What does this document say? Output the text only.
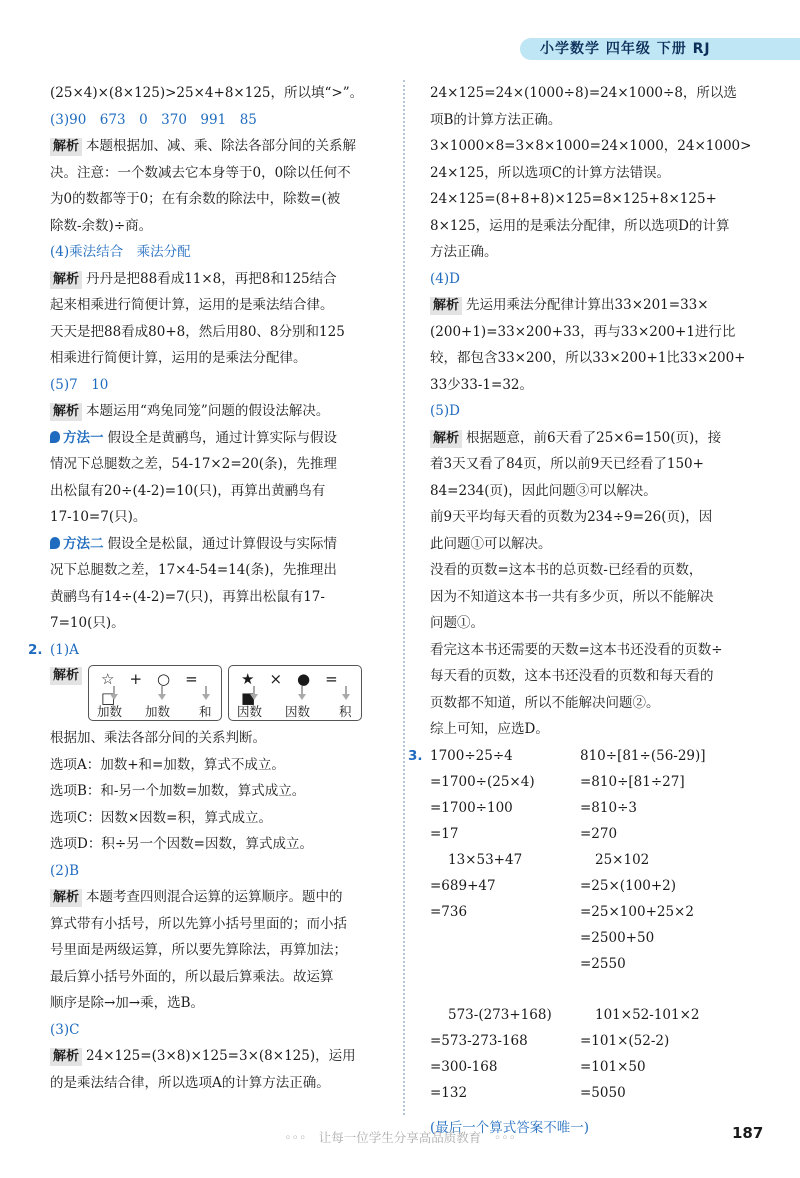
小学数学 四年级 下册 RJ
(25×4)×(8×125)>25×4+8×125，所以填“>”。
(3)90　673　0　370　991　85
解析 本题根据加、减、乘、除法各部分间的关系解
决。注意：一个数减去它本身等于0，0除以任何不
为0的数都等于0；在有余数的除法中，除数=(被
除数-余数)÷商。
(4)乘法结合　乘法分配
解析 丹丹是把88看成11×8，再把8和125结合
起来相乘进行简便计算，运用的是乘法结合律。
天天是把88看成80+8，然后用80、8分别和125
相乘进行简便计算，运用的是乘法分配律。
(5)7　10
解析 本题运用“鸡兔同笼”问题的假设法解决。
方法一 假设全是黄鹂鸟，通过计算实际与假设
情况下总腿数之差，54-17×2=20(条)，先推理
出松鼠有20÷(4-2)=10(只)，再算出黄鹂鸟有
17-10=7(只)。
方法二 假设全是松鼠，通过计算假设与实际情
况下总腿数之差，17×4-54=14(条)，先推理出
黄鹂鸟有14÷(4-2)=7(只)，再算出松鼠有17-
7=10(只)。
2. (1)A
解析 ☆　+　○　=　□
加数 加数 和
★　×　●　=　■
因数 因数 积
根据加、乘法各部分间的关系判断。
选项A：加数+和=加数，算式不成立。
选项B：和-另一个加数=加数，算式成立。
选项C：因数×因数=积，算式成立。
选项D：积÷另一个因数=因数，算式成立。
(2)B
解析 本题考查四则混合运算的运算顺序。题中的
算式带有小括号，所以先算小括号里面的；而小括
号里面是两级运算，所以要先算除法，再算加法；
最后算小括号外面的，所以最后算乘法。故运算
顺序是除→加→乘，选B。
(3)C
解析 24×125=(3×8)×125=3×(8×125)，运用
的是乘法结合律，所以选项A的计算方法正确。
24×125=24×(1000÷8)=24×1000÷8，所以选
项B的计算方法正确。
3×1000×8=3×8×1000=24×1000，24×1000>
24×125，所以选项C的计算方法错误。
24×125=(8+8+8)×125=8×125+8×125+
8×125，运用的是乘法分配律，所以选项D的计算
方法正确。
(4)D
解析 先运用乘法分配律计算出33×201=33×
(200+1)=33×200+33，再与33×200+1进行比
较，都包含33×200，所以33×200+1比33×200+
33少33-1=32。
(5)D
解析 根据题意，前6天看了25×6=150(页)，接
着3天又看了84页，所以前9天已经看了150+
84=234(页)，因此问题③可以解决。
前9天平均每天看的页数为234÷9=26(页)，因
此问题①可以解决。
没看的页数=这本书的总页数-已经看的页数，
因为不知道这本书一共有多少页，所以不能解决
问题①。
看完这本书还需要的天数=这本书还没看的页数÷
每天看的页数，这本书还没看的页数和每天看的
页数都不知道，所以不能解决问题②。
综上可知，应选D。
3. 1700÷25÷4
=1700÷(25×4)
=1700÷100
=17
810÷[81÷(56-29)]
=810÷[81÷27]
=810÷3
=270
13×53+47
=689+47
=736
25×102
=25×(100+2)
=25×100+25×2
=2500+50
=2550
573-(273+168)
=573-273-168
=300-168
=132
101×52-101×2
=101×(52-2)
=101×50
=5050
(最后一个算式答案不唯一)
◦◦◦　让每一位学生分享高品质教育　◦◦◦	187
